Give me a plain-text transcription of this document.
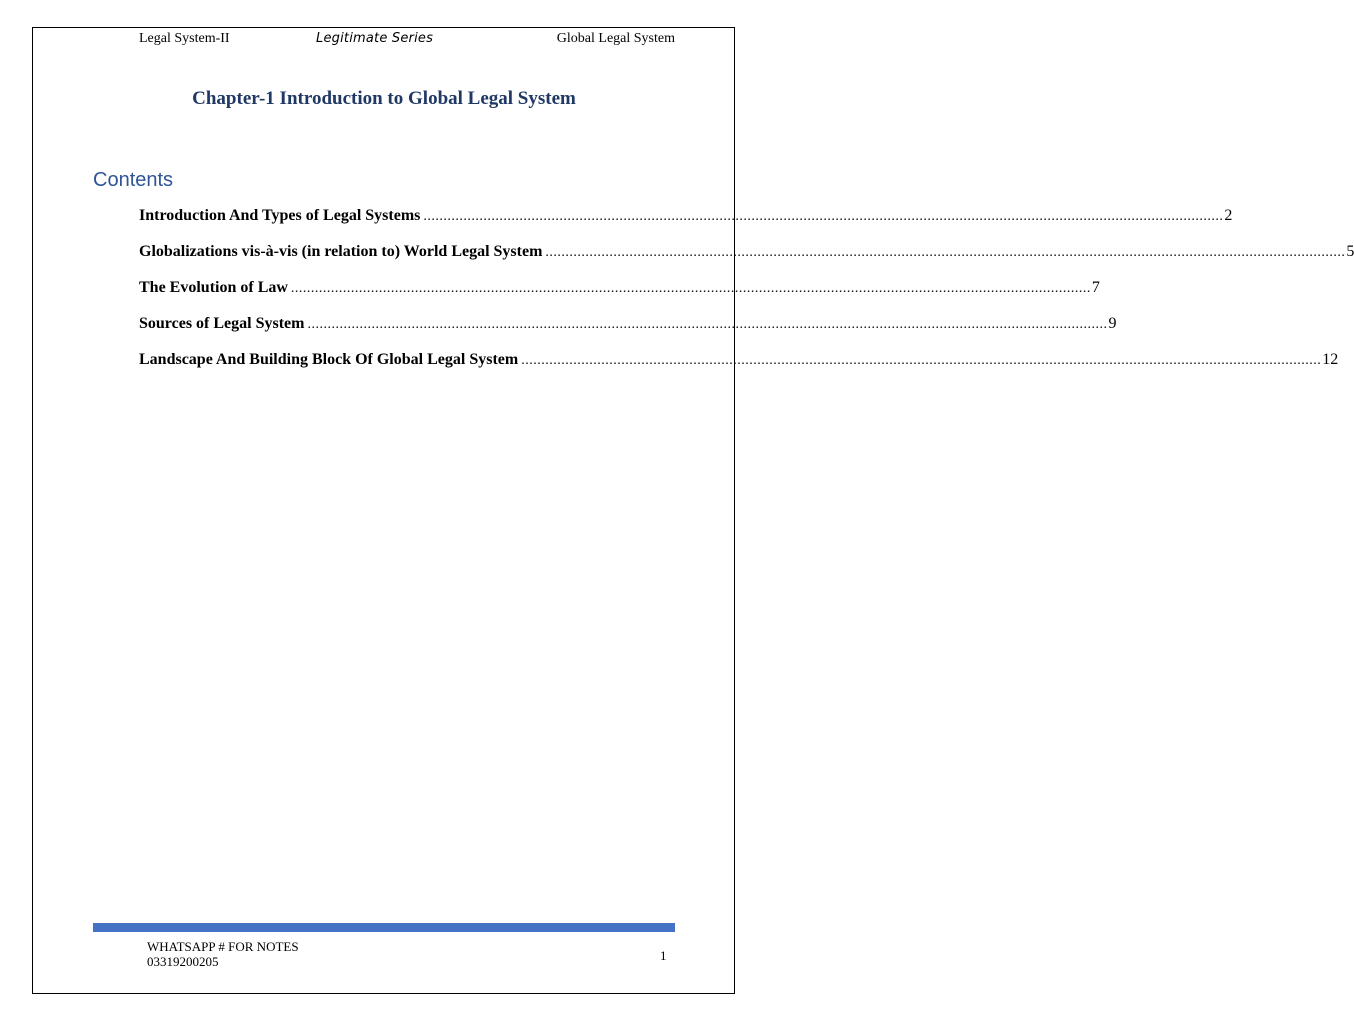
Legal System-II	Legitimate Series	Global Legal System
Chapter-1 Introduction to Global Legal System
Contents
Introduction And Types of Legal Systems ........................................................................................................................................................................................................ 2
Globalizations vis-à-vis (in relation to) World Legal System ........................................................................................................................................................................................................ 5
The Evolution of Law ........................................................................................................................................................................................................ 7
Sources of Legal System ........................................................................................................................................................................................................ 9
Landscape And Building Block Of Global Legal System ........................................................................................................................................................................................................ 12
WHATSAPP # FOR NOTES
03319200205	1
